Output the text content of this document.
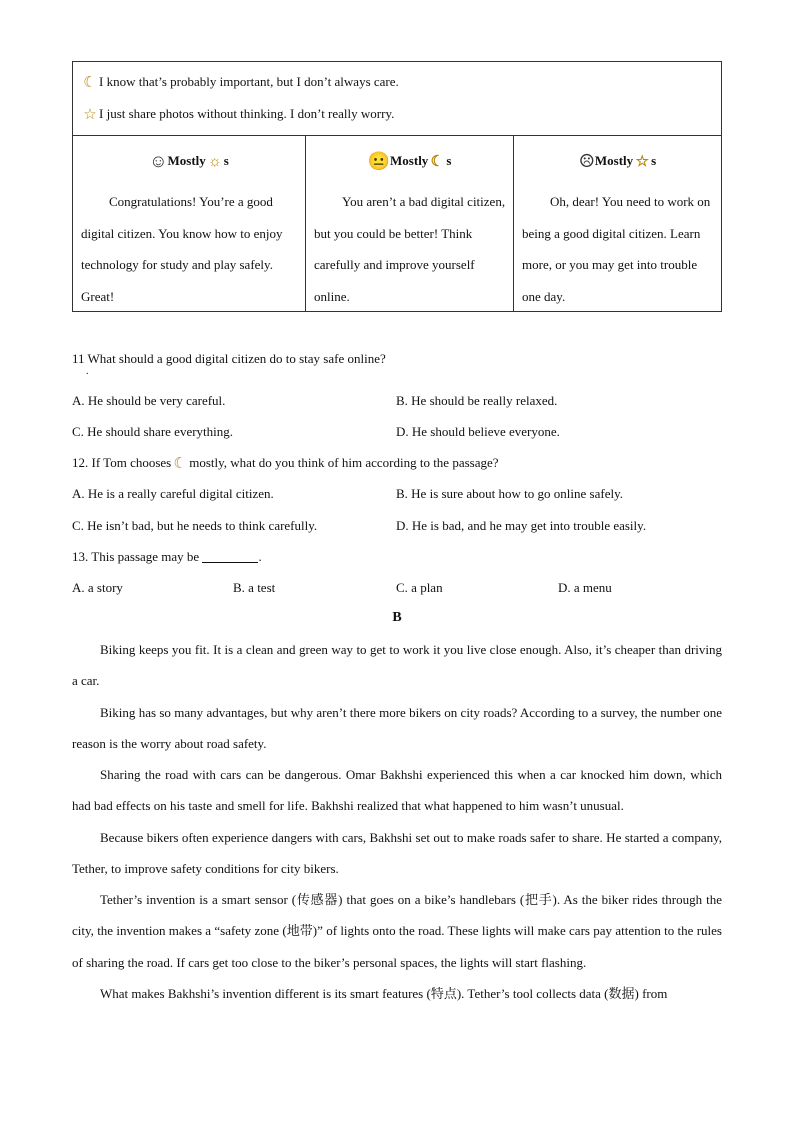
☾ I know that’s probably important, but I don’t always care.
☆ I just share photos without thinking. I don’t really worry.
☺Mostly ☼ s
Congratulations! You’re a good digital citizen. You know how to enjoy technology for study and play safely. Great!
😐Mostly ☾ s
You aren’t a bad digital citizen, but you could be better! Think carefully and improve yourself online.
☹Mostly ☆ s
Oh, dear! You need to work on being a good digital citizen. Learn more, or you may get into trouble one day.
11 What should a good digital citizen do to stay safe online?
.
A. He should be very careful.	B. He should be really relaxed.
C. He should share everything.	D. He should believe everyone.
12. If Tom chooses ☾ mostly, what do you think of him according to the passage?
A. He is a really careful digital citizen.	B. He is sure about how to go online safely.
C. He isn’t bad, but he needs to think carefully.	D. He is bad, and he may get into trouble easily.
13. This passage may be	.
A. a story	B. a test	C. a plan	D. a menu
B
Biking keeps you fit. It is a clean and green way to get to work it you live close enough. Also, it’s cheaper than driving a car.
Biking has so many advantages, but why aren’t there more bikers on city roads? According to a survey, the number one reason is the worry about road safety.
Sharing the road with cars can be dangerous. Omar Bakhshi experienced this when a car knocked him down, which had bad effects on his taste and smell for life. Bakhshi realized that what happened to him wasn’t unusual.
Because bikers often experience dangers with cars, Bakhshi set out to make roads safer to share. He started a company, Tether, to improve safety conditions for city bikers.
Tether’s invention is a smart sensor (传感器) that goes on a bike’s handlebars (把手). As the biker rides through the city, the invention makes a “safety zone (地带)” of lights onto the road. These lights will make cars pay attention to the rules of sharing the road. If cars get too close to the biker’s personal spaces, the lights will start flashing.
What makes Bakhshi’s invention different is its smart features (特点). Tether’s tool collects data (数据) from
